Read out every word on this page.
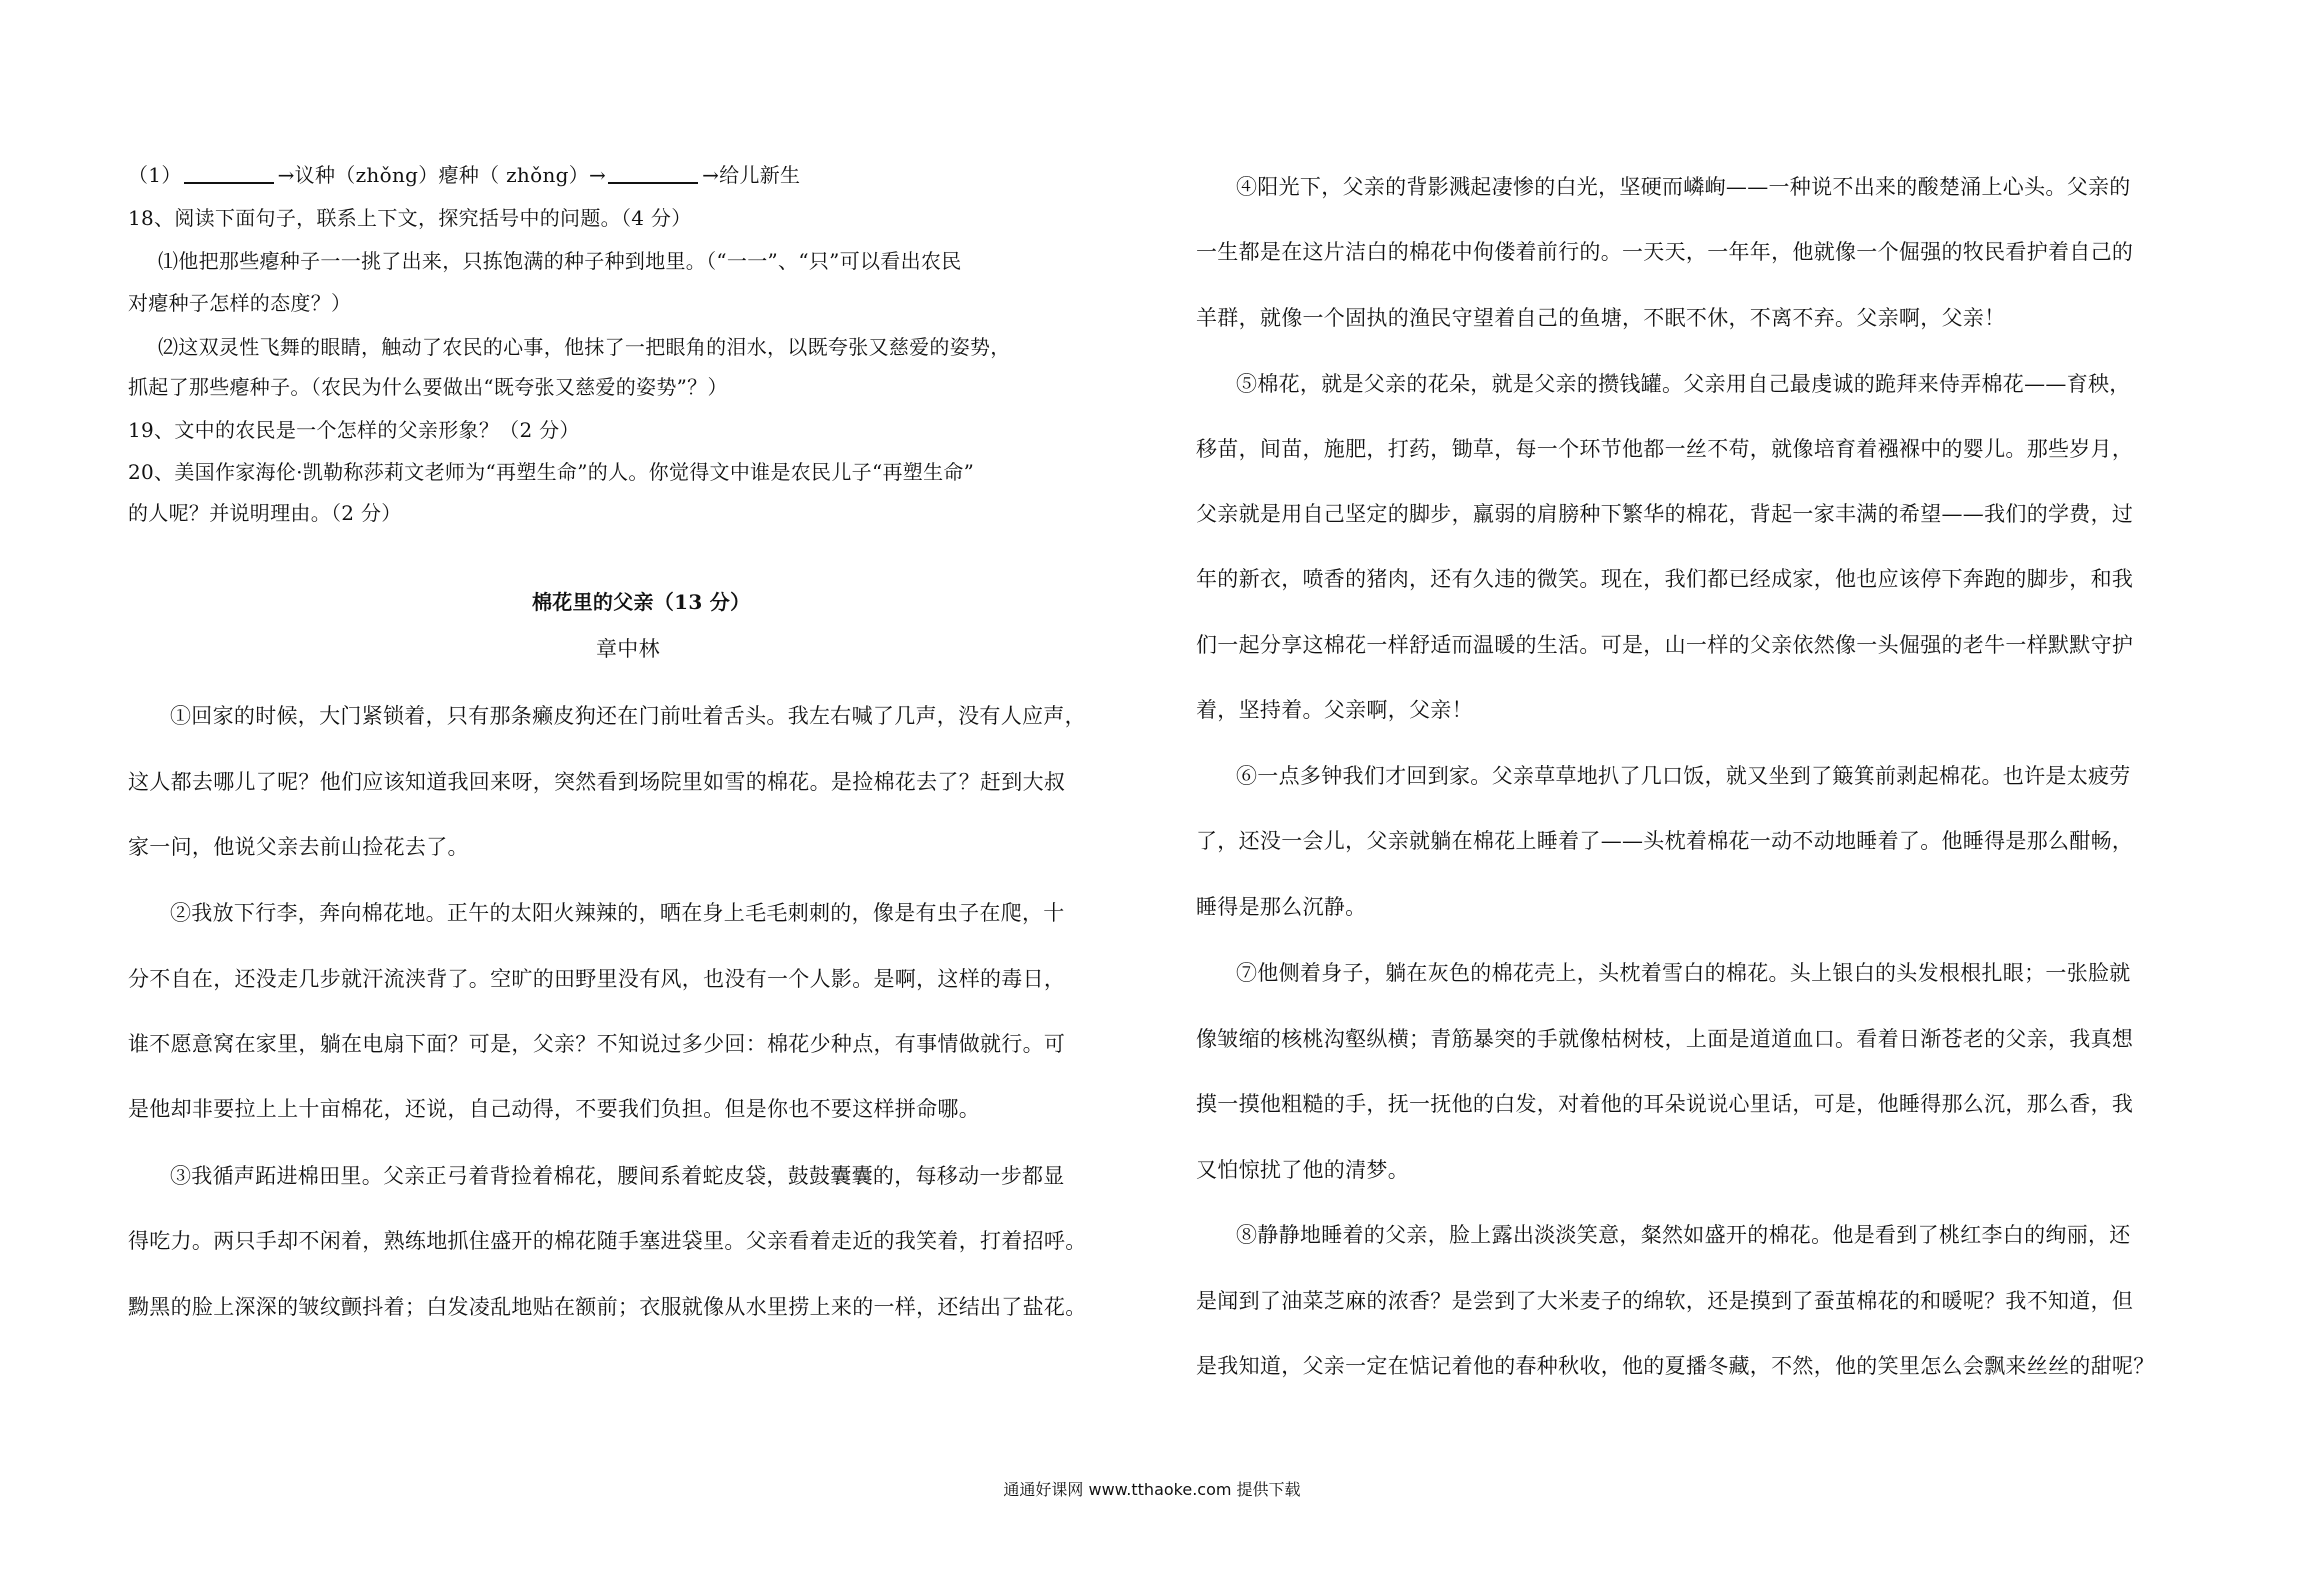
（1）	→议种（zhǒng）瘪种（ zhǒng）→	→给儿新生
18、阅读下面句子，联系上下文，探究括号中的问题。（4 分）
⑴他把那些瘪种子一一挑了出来，只拣饱满的种子种到地里。（“一一”、“只”可以看出农民
对瘪种子怎样的态度？）
⑵这双灵性飞舞的眼睛，触动了农民的心事，他抹了一把眼角的泪水，以既夸张又慈爱的姿势，
抓起了那些瘪种子。（农民为什么要做出“既夸张又慈爱的姿势”？）
19、文中的农民是一个怎样的父亲形象？（2 分）
20、美国作家海伦·凯勒称莎莉文老师为“再塑生命”的人。你觉得文中谁是农民儿子“再塑生命”
的人呢？并说明理由。（2 分）
棉花里的父亲（13 分）
章中林
①回家的时候，大门紧锁着，只有那条癞皮狗还在门前吐着舌头。我左右喊了几声，没有人应声，
这人都去哪儿了呢？他们应该知道我回来呀，突然看到场院里如雪的棉花。是捡棉花去了？赶到大叔
家一问，他说父亲去前山捡花去了。
②我放下行李，奔向棉花地。正午的太阳火辣辣的，晒在身上毛毛刺刺的，像是有虫子在爬，十
分不自在，还没走几步就汗流浃背了。空旷的田野里没有风，也没有一个人影。是啊，这样的毒日，
谁不愿意窝在家里，躺在电扇下面？可是，父亲？不知说过多少回：棉花少种点，有事情做就行。可
是他却非要拉上上十亩棉花，还说，自己动得，不要我们负担。但是你也不要这样拼命哪。
③我循声跖进棉田里。父亲正弓着背捡着棉花，腰间系着蛇皮袋，鼓鼓囊囊的，每移动一步都显
得吃力。两只手却不闲着，熟练地抓住盛开的棉花随手塞进袋里。父亲看着走近的我笑着，打着招呼。
黝黑的脸上深深的皱纹颤抖着；白发凌乱地贴在额前；衣服就像从水里捞上来的一样，还结出了盐花。
④阳光下，父亲的背影溅起凄惨的白光，坚硬而嶙峋——一种说不出来的酸楚涌上心头。父亲的
一生都是在这片洁白的棉花中佝偻着前行的。一天天，一年年，他就像一个倔强的牧民看护着自己的
羊群，就像一个固执的渔民守望着自己的鱼塘，不眠不休，不离不弃。父亲啊，父亲！
⑤棉花，就是父亲的花朵，就是父亲的攒钱罐。父亲用自己最虔诚的跪拜来侍弄棉花——育秧，
移苗，间苗，施肥，打药，锄草，每一个环节他都一丝不苟，就像培育着襁褓中的婴儿。那些岁月，
父亲就是用自己坚定的脚步，羸弱的肩膀种下繁华的棉花，背起一家丰满的希望——我们的学费，过
年的新衣，喷香的猪肉，还有久违的微笑。现在，我们都已经成家，他也应该停下奔跑的脚步，和我
们一起分享这棉花一样舒适而温暖的生活。可是，山一样的父亲依然像一头倔强的老牛一样默默守护
着，坚持着。父亲啊，父亲！
⑥一点多钟我们才回到家。父亲草草地扒了几口饭，就又坐到了簸箕前剥起棉花。也许是太疲劳
了，还没一会儿，父亲就躺在棉花上睡着了——头枕着棉花一动不动地睡着了。他睡得是那么酣畅，
睡得是那么沉静。
⑦他侧着身子，躺在灰色的棉花壳上，头枕着雪白的棉花。头上银白的头发根根扎眼；一张脸就
像皱缩的核桃沟壑纵横；青筋暴突的手就像枯树枝，上面是道道血口。看着日渐苍老的父亲，我真想
摸一摸他粗糙的手，抚一抚他的白发，对着他的耳朵说说心里话，可是，他睡得那么沉，那么香，我
又怕惊扰了他的清梦。
⑧静静地睡着的父亲，脸上露出淡淡笑意，粲然如盛开的棉花。他是看到了桃红李白的绚丽，还
是闻到了油菜芝麻的浓香？是尝到了大米麦子的绵软，还是摸到了蚕茧棉花的和暖呢？我不知道，但
是我知道，父亲一定在惦记着他的春种秋收，他的夏播冬藏，不然，他的笑里怎么会飘来丝丝的甜呢？
通通好课网 www.tthaoke.com 提供下载
